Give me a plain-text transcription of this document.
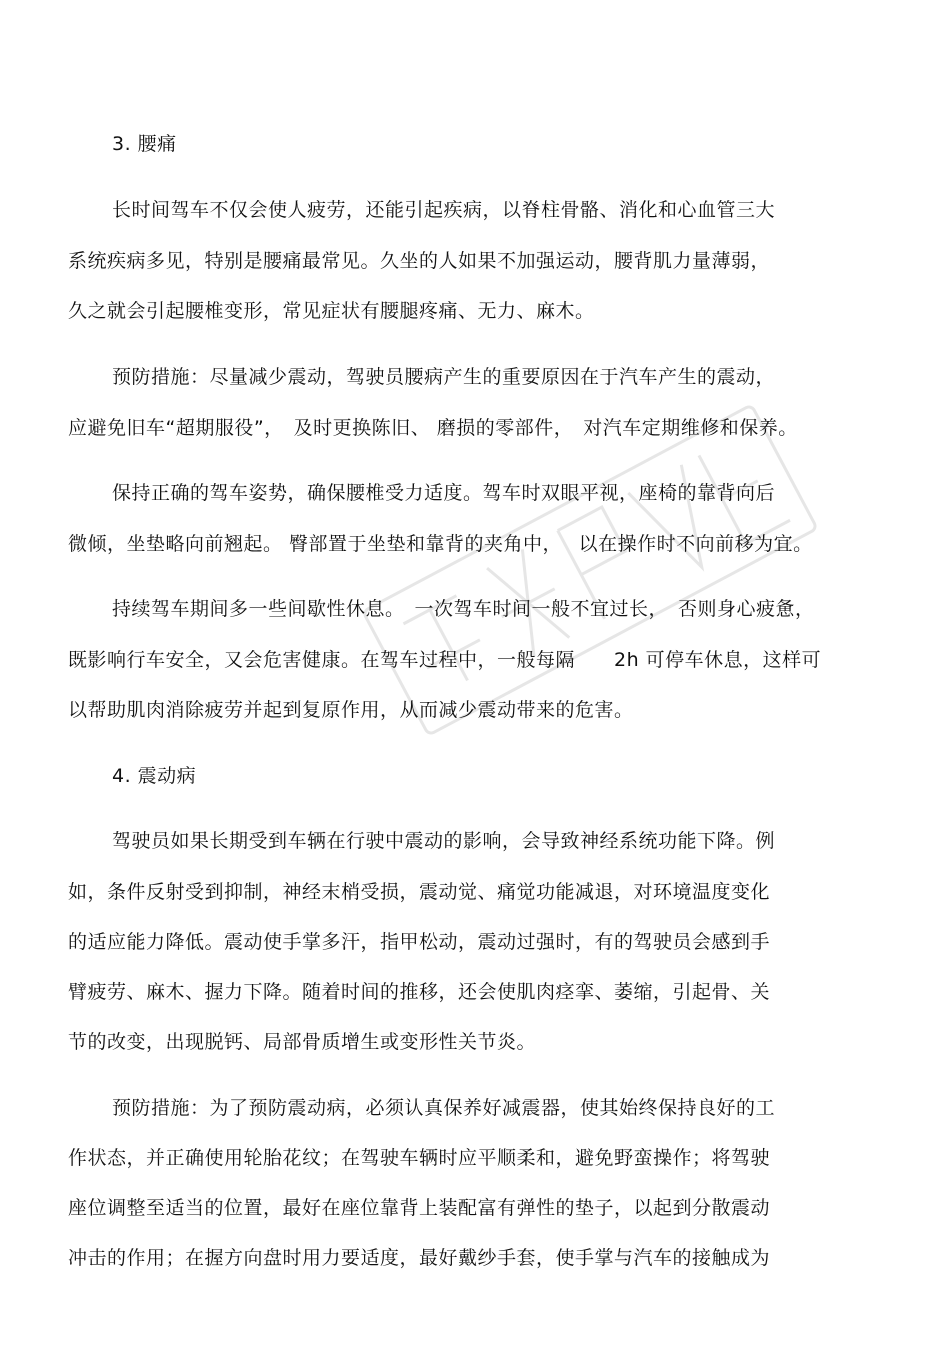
3. 腰痛
长时间驾车不仅会使人疲劳，还能引起疾病，以脊柱骨骼、消化和心血管三大
系统疾病多见，特别是腰痛最常见。久坐的人如果不加强运动，腰背肌力量薄弱，
久之就会引起腰椎变形，常见症状有腰腿疼痛、无力、麻木。
预防措施：尽量减少震动，驾驶员腰病产生的重要原因在于汽车产生的震动，
应避免旧车“超期服役”，　及时更换陈旧、 磨损的零部件，　对汽车定期维修和保养。
保持正确的驾车姿势，确保腰椎受力适度。驾车时双眼平视，座椅的靠背向后
微倾，坐垫略向前翘起。 臀部置于坐垫和靠背的夹角中，　 以在操作时不向前移为宜。
持续驾车期间多一些间歇性休息。　一次驾车时间一般不宜过长，　否则身心疲惫，
既影响行车安全，又会危害健康。在驾车过程中，一般每隔　　2h 可停车休息，这样可
以帮助肌肉消除疲劳并起到复原作用，从而减少震动带来的危害。
4. 震动病
驾驶员如果长期受到车辆在行驶中震动的影响，会导致神经系统功能下降。例
如，条件反射受到抑制，神经末梢受损，震动觉、痛觉功能减退，对环境温度变化
的适应能力降低。震动使手掌多汗，指甲松动，震动过强时，有的驾驶员会感到手
臂疲劳、麻木、握力下降。随着时间的推移，还会使肌肉痉挛、萎缩，引起骨、关
节的改变，出现脱钙、局部骨质增生或变形性关节炎。
预防措施：为了预防震动病，必须认真保养好减震器，使其始终保持良好的工
作状态，并正确使用轮胎花纹；在驾驶车辆时应平顺柔和，避免野蛮操作；将驾驶
座位调整至适当的位置，最好在座位靠背上装配富有弹性的垫子，以起到分散震动
冲击的作用；在握方向盘时用力要适度，最好戴纱手套，使手掌与汽车的接触成为
